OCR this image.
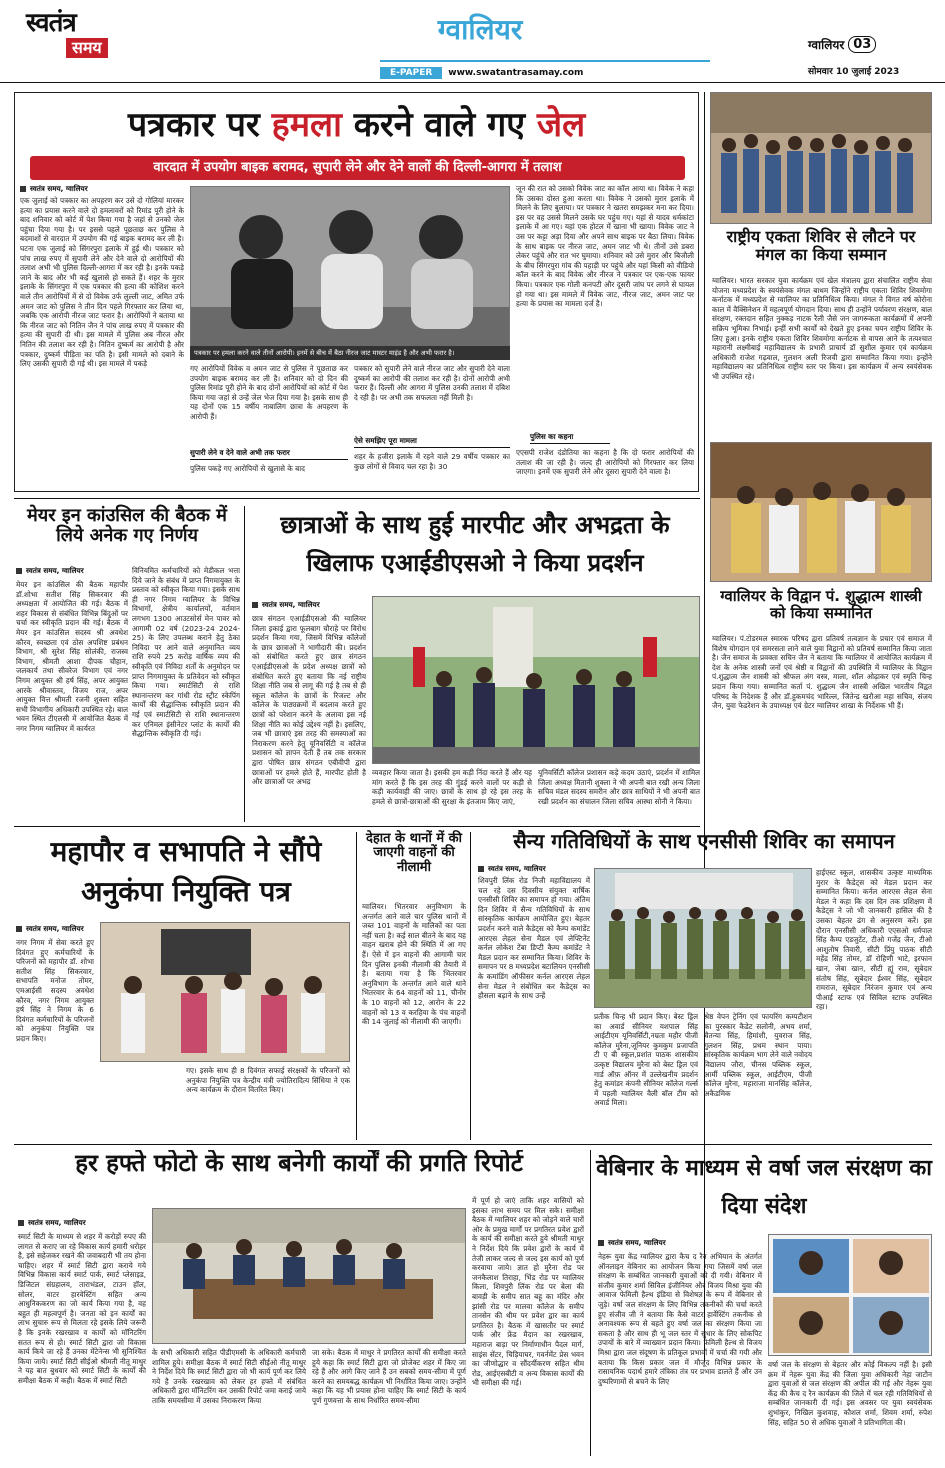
स्वतंत्र
समय
ग्वालियर
E-PAPER	www.swatantrasamay.com
ग्वालियर 03
सोमवार 10 जुलाई 2023
पत्रकार पर हमला करने वाले गए जेल
वारदात में उपयोग बाइक बरामद, सुपारी लेने और देने वालों की दिल्ली-आगरा में तलाश
स्वतंत्र समय, ग्वालियर
एक जुलाई को पत्रकार का अपहरण कर उसे दो गोलियां मारकर हत्या का प्रयास करने वाले दो हमलावरों को रिमांड पूरी होने के बाद शनिवार को कोर्ट में पेश किया गया है जहां से उनको जेल पहुंचा दिया गया है। पर इससे पहले पूछताछ कर पुलिस ने बदमाशों से वारदात में उपयोग की गई बाइक बरामद कर ली है। घटना एक जुलाई को सिंगरपुरा इलाके में हुई थी। पत्रकार को पांच लाख रुपए में सुपारी लेने और देने वाले दो आरोपियों की तलाश अभी भी पुलिस दिल्ली-आगरा में कर रही है। इनके पकड़े जाने के बाद और भी कई खुलासे हो सकते हैं। शहर के मुरार इलाके के सिंगरपुरा में एक पत्रकार की हत्या की कोशिश करने वाले तीन आरोपियों में से दो विवेक उर्फ लुल्ली जाट, अमित उर्फ अमन जाट को पुलिस ने तीन दिन पहले गिरफ्तार कर लिया था, जबकि एक आरोपी नीरज जाट फरार है। आरोपियों ने बताया था कि नीरज जाट को नितिन जैन ने पांच लाख रुपए में पत्रकार की हत्या की सुपारी दी थी। इस मामले में पुलिस अब नीरज और नितिन की तलाश कर रही है। नितिन दुष्कर्म का आरोपी है और पत्रकार, दुष्कर्म पीड़िता का पति है। इसी मामले को दबाने के लिए उसकी सुपारी दी गई थी। इस मामले में पकड़े
पत्रकार पर हमला करने वाले तीनों आरोपी। इनमें से बीच में बैठा नीरज जाट मास्टर माइंड है और अभी फरार है।
गए आरोपियों विवेक व अमन जाट से पुलिस ने पूछताछ कर उपयोग बाइक बरामद कर ली है। शनिवार को दो दिन की पुलिस रिमांड पूरी होने के बाद दोनों आरोपियों को कोर्ट में पेश किया गया जहां से उन्हें जेल भेज दिया गया है। इसके साथ ही यह दोनों एक 15 वर्षीय नाबालिग छात्रा के अपहरण के आरोपी हैं।
सुपारी लेने व देने वाले अभी तक फरार
पुलिस पकड़े गए आरोपियों से खुलासे के बाद
पत्रकार को सुपारी लेने वाले नीरज जाट और सुपारी देने वाला दुष्कर्म का आरोपी की तलाश कर रही है। दोनों आरोपी अभी फरार हैं। दिल्ली और आगरा में पुलिस उनकी तलाश में दबिश दे रही है। पर अभी तक सफलता नहीं मिली है।
ऐसे समझिए पूरा मामला
शहर के हजीरा इलाके में रहने वाले 29 वर्षीय पत्रकार का कुछ लोगों से विवाद चल रहा है। 30
जून की रात को उसको विवेक जाट का कॉल आया था। विवेक ने कहा कि उसका दोस्त हुआ करता था। विवेक ने उसको मुरार इलाके में मिलने के लिए बुलाया। पर पत्रकार ने खतरा समझकर मना कर दिया। इस पर वह उससे मिलने उसके घर पहुंच गए। यहां से यादव धर्मकांटा इलाके में आ गए। यहां एक होटल में खाना भी खाया। विवेक जाट ने उस पर कट्टा अड़ा दिया और अपने साथ बाइक पर बैठा लिया। विवेक के साथ बाइक पर नीरज जाट, अमन जाट भी थे। तीनों उसे डबरा लेकर पहुंचे और रात भर घुमाया। शनिवार को उसे मुरार और बिजौली के बीच सिंगरपुरा गांव की पहाड़ी पर पहुंचे और यहां किसी को वीडियो कॉल करने के बाद विवेक और नीरज ने पत्रकार पर एक-एक फायर किया। पत्रकार एक गोली कनपटी और दूसरी जांघ पर लगने से घायल हो गया था। इस मामले में विवेक जाट, नीरज जाट, अमन जाट पर हत्या के प्रयास का मामला दर्ज है।
पुलिस का कहना
एएसपी राजेश दंडोतिया का कहना है कि दो फरार आरोपियों की तलाश की जा रही है। जल्द ही आरोपियों को गिरफ्तार कर लिया जाएगा। इनमें एक सुपारी लेने और दूसरा सुपारी देने वाला है।
राष्ट्रीय एकता शिविर से लौटने पर मंगल का किया सम्मान
ग्वालियर। भारत सरकार युवा कार्यक्रम एवं खेल मंत्रालय द्वारा संचालित राष्ट्रीय सेवा योजना मध्यप्रदेश के स्वयंसेवक मंगल बाथम जिन्होंने राष्ट्रीय एकता शिविर शिवमोगा कर्नाटक में मध्यप्रदेश से ग्वालियर का प्रतिनिधित्व किया। मंगल ने विगत वर्ष कोरोना काल में वैक्सिनेशन में महत्वपूर्ण योगदान दिया। साथ ही उन्होंने पर्यावरण संरक्षण, बाल संरक्षण, रक्तदान सहित नुक्कड़ नाटक रैली जैसे जन जागरूकता कार्यक्रमों में अपनी सक्रिय भूमिका निभाई। इन्हीं सभी कार्यों को देखते हुए इनका चयन राष्ट्रीय शिविर के लिए हुआ। इनके राष्ट्रीय एकता शिविर शिवमोगा कर्नाटक से वापस आने के तत्पश्चात महारानी लक्ष्मीबाई महाविद्यालय के प्रभारी प्राचार्य डॉ सुशील कुमार एवं कार्यक्रम अधिकारी राजेश गढ़वाल, गुलशन अली रिजवी द्वारा सम्मानित किया गया। इन्होंने महाविद्यालय का प्रतिनिधित्व राष्ट्रीय स्तर पर किया। इस कार्यक्रम में अन्य स्वयंसेवक भी उपस्थित रहे।
ग्वालियर के विद्वान पं. शुद्धात्म शास्त्री को किया सम्मानित
ग्वालियर। पं.टोडरमल स्मारक परिषद द्वारा प्रतिवर्ष तत्वज्ञान के प्रचार एवं समाज में विशेष योगदान एवं समरसता लाने वाले युवा विद्वानों को प्रतिवर्ष सम्मानित किया जाता है। जैन समाज के प्रवक्ता सचिन जैन ने बताया कि ग्वालियर में आयोजित कार्यक्रम में देश के अनेक शास्त्री जनों एवं श्रेष्ठी व विद्वानों की उपस्थिति में ग्वालियर के विद्वान पं.शुद्धात्म जैन शास्त्री को श्रीफल अंग वस्त्र, माला, शॉल ओढ़ाकर एवं स्मृति चिन्ह प्रदान किया गया। सम्मानित कर्ता पं. शुद्धात्म जैन शास्त्री अखिल भारतीय विद्वत परिषद के निदेशक हैं और डॉ.हुकमचंद भारिल्ल, जितेन्द्र खरौआ महा सचिव, संजय जैन, युवा फेडरेशन के उपाध्यक्ष एवं ग्रेटर ग्वालियर शाखा के निर्देशक भी हैं।
मेयर इन कांउसिल की बैठक में लिये अनेक गए निर्णय
स्वतंत्र समय, ग्वालियर
मेयर इन कांउसिल की बैठक महापौर डॉ.शोभा सतीश सिंह सिकरवार की अध्यक्षता में आयोजित की गई। बैठक में शहर विकास से संबंधित विभिन्न बिंदुओं पर चर्चा कर स्वीकृति प्रदान की गई। बैठक में मेयर इन कांउसिल सदस्य श्री अवधेश कौरव, स्वच्छता एवं ठोस अपशिष्ट प्रबंधन विभाग, श्री सुरेश सिंह सोलंकी, राजस्व विभाग, श्रीमती आशा दीपक चौहान, जलकार्य तथा सीवरेज विभाग एवं नगर निगम आयुक्त श्री हर्ष सिंह, अपर आयुक्त आरके श्रीवास्तव, विजय राज, अपर आयुक्त वित्त श्रीमती रजनी शुक्ला सहित सभी विभागीय अधिकारी उपस्थित रहे। बाल भवन स्थित टीएलसी में आयोजित बैठक में नगर निगम ग्वालियर में कार्यरत
विनियमित कर्मचारियों को मेडीकल भत्ता दिये जाने के संबंध में प्राप्त निगमायुक्त के प्रस्ताव को स्वीकृत किया गया। इसके साथ ही नगर निगम ग्वालियर के विभिन्न विभागों, क्षेत्रीय कार्यालयों, वर्तमान लगभग 1300 आउटसोर्स मेन पावर को आगामी 02 वर्ष (2023-24 2024-25) के लिए उपलब्ध कराने हेतु ठेका निविदा पर आने वाले अनुमानित व्यय राशि रुपये 25 करोड़ वार्षिक व्यय की स्वीकृति एवं निविदा शर्तों के अनुमोदन पर प्राप्त निगमायुक्त के प्रतिवेदन को स्वीकृत किया गया। स्मार्टसिटी से राशि स्थानान्तरण कर गांधी रोड स्ट्रीट स्केपिंग कार्यों की सैद्धान्तिक स्वीकृति प्रदान की गई एवं स्मार्टसिटी से राशि स्थानान्तरण कर एनिमल इंसीनेटर प्लांट के कार्यों की सैद्धान्तिक स्वीकृति दी गई।
छात्राओं के साथ हुई मारपीट और अभद्रता के खिलाफ एआईडीएसओ ने किया प्रदर्शन
स्वतंत्र समय, ग्वालियर
छात्र संगठन एआईडीएसओ की ग्वालियर जिला इकाई द्वारा फूलबाग चौराहे पर विरोध प्रदर्शन किया गया, जिसमें विभिन्न कॉलेजों के छात्र छात्राओं ने भागीदारी की। प्रदर्शन को संबोधित करते हुए छात्र संगठन एआईडीएसओ के प्रदेश अध्यक्ष छात्रों को संबोधित करते हुए बताया कि नई राष्ट्रीय शिक्षा नीति जब से लागू की गई है तब से ही स्कूल कॉलेज के छात्रों के रिजल्ट और कॉलेज के पाठ्यक्रमों में बदलाव करते हुए छात्रों को परेशान करने के अलावा इस नई शिक्षा नीति का कोई उद्देश्य नहीं है। इसलिए, जब भी छात्राएं इस तरह की समस्याओं का निराकरण करने हेतु यूनिवर्सिटी व कॉलेज प्रशासन को ज्ञापन देती हैं तब तक सरकार द्वारा पोषित छात्र संगठन एबीवीपी द्वारा छात्राओं पर हमले होते हैं, मारपीट होती है और छात्राओं पर अभद्र
व्यवहार किया जाता है। इसकी हम कड़ी निंदा करते हैं और यह मांग करते हैं कि इस तरह की गुंडई करने वालों पर कड़ी से कड़ी कार्यवाही की जाए। छात्रों के साथ हो रहे इस तरह के हमले से छात्रों-छात्राओं की सुरक्षा के इंतजाम किए जाएं,
यूनिवर्सिटी कॉलेज प्रशासन कड़े कदम उठाएं, प्रदर्शन में शामिल जिला अध्यक्ष मितानी शुक्ला ने भी अपनी बात रखी अन्य जिला सचिव मंडल सदस्य समरीन और छात्र साथियों ने भी अपनी बात रखी प्रदर्शन का संचालन जिला सचिव आस्था सोनी ने किया।
महापौर व सभापति ने सौंपे अनुकंपा नियुक्ति पत्र
स्वतंत्र समय, ग्वालियर
नगर निगम में सेवा करते हुए दिवंगत हुए कर्मचारियों के परिजनों को महापौर डॉ. शोभा सतीश सिंह सिकरवार, सभापति मनोज तोमर, एमआईसी सदस्य अवधेश कौरव, नगर निगम आयुक्त हर्ष सिंह ने निगम के 6 दिवंगत कर्मचारियों के परिजनों को अनुकंपा नियुक्ति पत्र प्रदान किए।
गए। इसके साथ ही 8 दिवंगत सफाई संरक्षकों के परिजनों को अनुकंपा नियुक्ति पत्र केन्द्रीय मंत्री ज्योतिरादित्य सिंधिया ने एक अन्य कार्यक्रम के दौरान वितरित किए।
देहात के थानों में की जाएगी वाहनों की नीलामी
ग्वालियर। भितरवार अनुविभाग के अन्तर्गत आने वाले चार पुलिस थानों में जब्त 101 वाहनों के मालिकों का पता नहीं चला है। कई साल बीतने के बाद यह वाहन खराब होने की स्थिति में आ गए हैं। ऐसे में इन वाहनों की आगामी चार दिन पुलिस इनकी नीलामी की तैयारी में है। बताया गया है कि भितरवार अनुविभाग के अन्तर्गत आने वाले थाने भितरवार के 64 वाहनों को 11, चीनोर के 10 वाहनों को 12, आरोन के 22 वाहनों को 13 व करहिया के पंच वाहनों की 14 जुलाई को नीलामी की जाएगी।
सैन्य गतिविधियों के साथ एनसीसी शिविर का समापन
स्वतंत्र समय, ग्वालियर
शिवपुरी लिंक रोड निजी महाविद्यालय में चल रहे दस दिवसीय संयुक्त वार्षिक एनसीसी शिविर का समापन हो गया। अंतिम दिन शिविर में सैन्य गतिविधियों के साथ सांस्कृतिक कार्यक्रम आयोजित हुए। बेहतर प्रदर्शन करने वाले कैडेट्स को कैम्प कमांडेंट आरएस लेहल सेना मैडल एवं लेफ्टिनेंट कर्नल लोकेश टेंबा डिप्टी कैम्प कमांडेंट ने मैडल प्रदान कर सम्मानित किया। शिविर के समापन पर 8 मध्यप्रदेश बटालियन एनसीसी के कमांडिंग ऑफीसर कर्नल आरएस लेहल सेना मेडल ने संबोधित कर कैडेट्स का हौसला बढ़ाने के साथ उन्हें
प्रतीक चिन्ह भी प्रदान किए। बेस्ट ड्रिल का अवार्ड सीनियर यशपाल सिंह आईटीएम यूनिवर्सिटी,नम्रता महौर पीजी कॉलेज मुरैना,जूनियर कुमकुम प्रजापति टी ए बी स्कूल,प्रशांत पाठक शासकीय उत्कृष्ट विद्यालय मुरैना को बेस्ट ड्रिल एवं गार्ड ऑफ़ ऑनर में उल्लेखनीय प्रदर्शन हेतु कमांडर कंपनी सीनियर कॉलेज गर्ल्स में पहली ग्वालियर वैली बॉल टीम को अवार्ड मिला।
श्रेष्ठ वेपन ट्रेनिंग एवं फायरिंग कम्पटीशन का पुरस्कार कैडेट सलोनी, अभय शर्मा, चैतन्या सिंह, हिमांशी, युवराज सिंह, गुलशन सिंह, प्रथम स्थान पाया। सांस्कृतिक कार्यक्रम भाग लेने वाले नवोदय विद्यालय जौरा, चीनस पब्लिक स्कूल, आर्मी पब्लिक स्कूल, आईटीएम, पीजी कॉलेज मुरैना, महाराजा मानसिंह कॉलेज, अकैडमिक
हाईएस्ट स्कूल, शासकीय उत्कृष्ट माध्यमिक मुरार के कैडेट्स को मेडल प्रदान कर सम्मानित किया। कर्नल आरएस लेहल सेना मेडल ने कहा कि दस दिन तक प्रशिक्षण में कैडेट्स ने जो भी जानकारी हासिल की है उसका बेहतर ढंग से अनुसरण करें। इस दौरान एनसीसी अधिकारी एएसओ धर्मपाल सिंह कैम्प एडजुटेंट, टीओ गजेंद्र जैन, टीओ आशुतोष तिवारी, सीटी प्रिंयु पाठक सीटी महेंद्र सिंह तोमर, डॉ रोहिणी भाटे, इरफान खान, जेबा खान, सीटी ह्यूं राव, सूबेदार संतोष सिंह, सूबेदार ईश्वर सिंह, सूबेदार रामराज, सूबेदार निरंजन कुमार एवं अन्य पीआई स्टाफ एवं सिविल स्टाफ उपस्थित रहा।
हर हफ्ते फोटो के साथ बनेगी कार्यों की प्रगति रिपोर्ट
स्वतंत्र समय, ग्वालियर
स्मार्ट सिटी के माध्यम से शहर में करोड़ों रुपए की लागत से कराए जा रहे विकास कार्य हमारी धरोहर है, इसे सहेजकर रखने की जवाबदारी भी तय होना चाहिए। शहर में स्मार्ट सिटी द्वारा कराये गये विभिन्न विकास कार्य स्मार्ट पार्क, स्मार्ट प्लेसाइड, डिजिटल संग्रहालय, ताराभंडल, टाउन हॉल, सोलर, वाटर हारवेस्टिंग सहित अन्य आधुनिककरण का जो कार्य किया गया है, वह बहुत ही महत्वपूर्ण है। जनता को इन कार्यों का लाभ सुचारु रूप से मिलता रहे इसके लिये जरूरी है कि इनके रखरखाव व कार्यों को मॉनिटरिंग सतत रूप से हो। स्मार्ट सिटी द्वारा जो विकास कार्य किये जा रहे हैं उनका मेंटेनेन्स भी सुनिश्चित किया जाये। स्मार्ट सिटी सीईओ श्रीमती नीतू माथुर ने यह बात बुधवार को स्मार्ट सिटी के कार्यों की समीक्षा बैठक में कही। बैठक में स्मार्ट सिटी
के सभी अधिकारी सहित पीडीएमसी के अधिकारी कर्मचारी शामिल हुये। समीक्षा बैठक में स्मार्ट सिटी सीईओ नीतू माथुर ने निर्देश दिये कि स्मार्ट सिटी द्वारा जो भी कार्य पूर्ण कर लिये गये है उनके रखरखाव को लेकर हर हफ्ते में संबंधित अधिकारी द्वारा मॉनिटरिंग कर उसकी रिपोर्ट जमा कराई जाये ताकि समयसीमा में उसका निराकरण किया
जा सके। बैठक में माथुर ने प्रगतिरत कार्यों की समीक्षा करते हुये कहा कि स्मार्ट सिटी द्वारा जो प्रोजेक्ट शहर में किए जा रहे हैं और आगे किए जाने हैं उन सबको समय-सीमा में पूर्ण करने का समयबद्ध कार्यक्रम भी निर्धारित किया जाए। उन्होंने कहा कि यह भी प्रयास होना चाहिए कि स्मार्ट सिटी के कार्य पूर्ण गुणवत्ता के साथ निर्धारित समय-सीमा
में पूर्ण हो जाएं ताकि शहर वासियों को इसका लाभ समय पर मिल सके। समीक्षा बैठक में ग्वालियर शहर को जोड़ने वाले चारों ओर के प्रमुख मार्गों पर प्रगतिरत प्रवेश द्वारों के कार्य की समीक्षा करते हुये श्रीमती माथुर ने निर्देश दिये कि प्रवेश द्वारों के कार्य में तेजी लाकर जल्द से जल्द इस कार्य को पूर्ण करवाया जाये। ज्ञात हो मुरैना रोड पर जनकैलाश तिराहा, भिंड रोड पर ग्वालियर किला, शिवपुरी लिंक रोड पर बेला की बावड़ी के समीप सात बहू का मंदिर और झांसी रोड पर मालवा कॉलेज के समीप तानसेन की थीम पर प्रवेश द्वार का कार्य प्रगतिरत है। बैठक में खासतौर पर स्मार्ट पार्क और फ्रेंड मैदान का रखरखाव, महाराज बाड़ा पर निर्माणाधीन पैदल मार्ग, साइंस सेंटर, चिड़ियाघर, गवर्नमेंट प्रेस भवन का जीणोद्धार व सौंदर्यीकरण सहित थीम रोड, आईएसबीटी व अन्य विकास कार्यों की भी समीक्षा की गई।
वेबिनार के माध्यम से वर्षा जल संरक्षण का दिया संदेश
स्वतंत्र समय, ग्वालियर
नेहरू युवा केंद्र ग्वालियर द्वारा कैच द रैन अभियान के अंतर्गत ऑनलाइन वेबिनार का आयोजन किया गया जिसमें वर्षा जल संरक्षण के सम्बंधित जानकारी युवाओं को दी गयी। वेबिनार में संजीव कुमार शर्मा सिविल इंजीनियर और विजय मिश्रा युवा की आवाज फेमिली हैल्थ इंडिया से विशेषज्ञ के रूप में वेबिनार से जुड़े। वर्षा जल संरक्षण के लिए विभिन्न तकनीकों की चर्चा करते हुए संजीव जी ने बताया कि कैसे वाटर हार्वेस्टिंग तकनीक से अनावश्यक रूप से बहते हुए वर्षा जल का संरक्षण किया जा सकता है और साथ ही भू जल स्तर में सुधार के लिए सोकपिट उपायों के बारे में व्याख्यान प्रदान किया। फेमिली हैल्थ से विजय मिश्रा द्वारा जल संदूषण के प्रतिकूल प्रभावों में चर्चा की गयी और बताया कि किस प्रकार जल में मौजूद विभिन्न प्रकार के रासायनिक पदार्थ हमारे तंत्रिका तंत्र पर प्रभाव डालते हैं और उन दुष्परिणामों से बचने के लिए
वर्षा जल के संरक्षण से बेहतर और कोई विकल्प नहीं है। इसी क्रम में नेहरू युवा केंद्र की जिला युवा अधिकारी नेहा जाटौन द्वारा युवाओं से जल संरक्षण की अपील की गई और नेहरू युवा केंद्र की कैच द रैन कार्यक्रम की जिले में चल रही गतिविधियों से सम्बंधित जानकारी दी गई। इस अवसर पर युवा स्वयंसेवक शुभांकुर, निखिल कुशवाह, कौशल शर्मा, शिवम शर्मा, रुपेश सिंह, सहित 50 से अधिक युवाओं ने प्रतिभागिता की।
